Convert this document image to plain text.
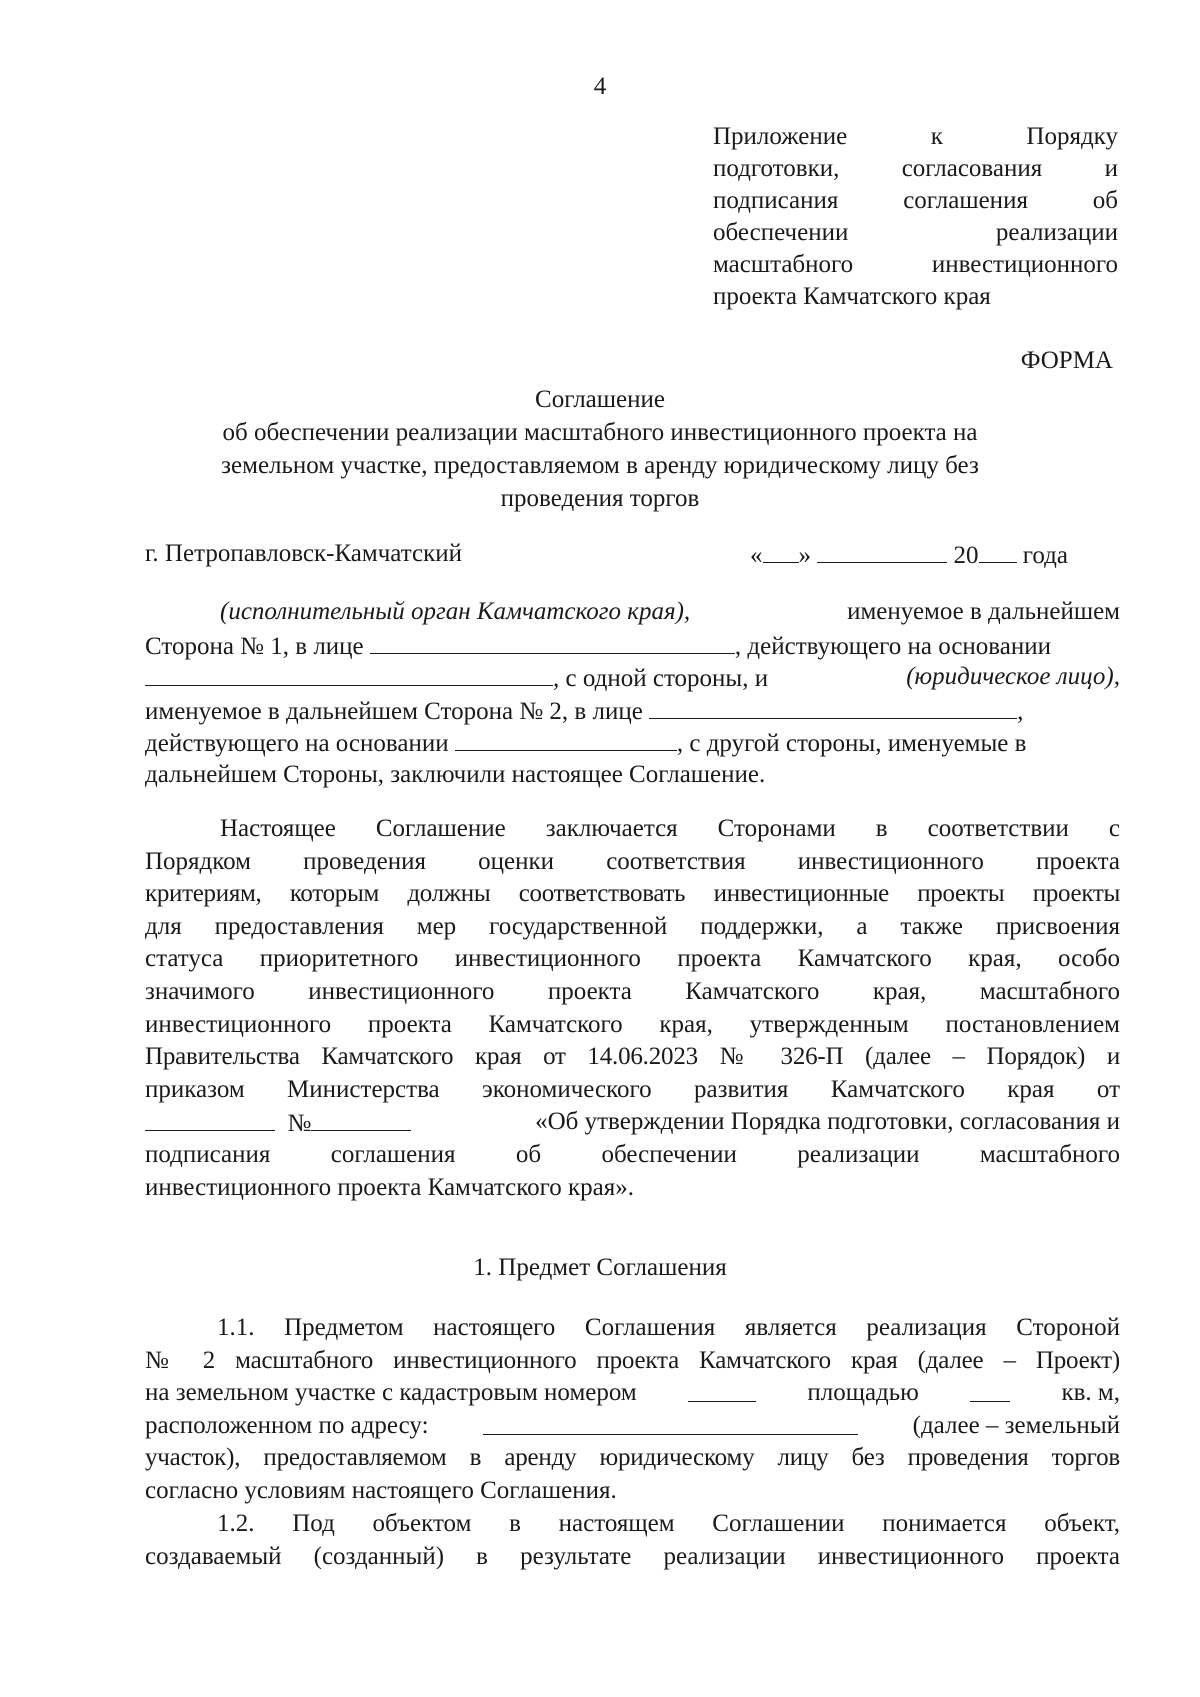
4
Приложение	к	Порядку
подготовки, согласования и
подписания	соглашения	об
обеспечении	реализации
масштабного	инвестиционного
проекта Камчатского края
ФОРМА
Соглашение
об обеспечении реализации масштабного инвестиционного проекта на
земельном участке, предоставляемом в аренду юридическому лицу без
проведения торгов
г. Петропавловск-Камчатский	« »	20 года
(исполнительный орган Камчатского края),	именуемое в дальнейшем
Сторона № 1, в лице	, действующего на основании
, с одной стороны, и	(юридическое лицо),
именуемое в дальнейшем Сторона № 2, в лице	,
действующего на основании	, с другой стороны, именуемые в
дальнейшем Стороны, заключили настоящее Соглашение.
Настоящее Соглашение заключается Сторонами в соответствии с
Порядком проведения оценки соответствия инвестиционного проекта
критериям, которым должны соответствовать инвестиционные проекты проекты
для предоставления мер государственной поддержки, а также присвоения
статуса приоритетного инвестиционного проекта Камчатского края, особо
значимого инвестиционного проекта Камчатского края, масштабного
инвестиционного проекта Камчатского края, утвержденным постановлением
Правительства Камчатского края от 14.06.2023 № 326-П (далее – Порядок) и
приказом Министерства экономического развития Камчатского края от
№	«Об утверждении Порядка подготовки, согласования и
подписания соглашения об обеспечении реализации масштабного
инвестиционного проекта Камчатского края».
1. Предмет Соглашения
1.1. Предметом настоящего Соглашения является реализация Стороной
№ 2 масштабного инвестиционного проекта Камчатского края (далее – Проект)
на земельном участке с кадастровым номером	площадью	кв. м,
расположенном по адресу:	(далее – земельный
участок), предоставляемом в аренду юридическому лицу без проведения торгов
согласно условиям настоящего Соглашения.
1.2. Под объектом в настоящем Соглашении понимается объект,
создаваемый (созданный) в результате реализации инвестиционного проекта
